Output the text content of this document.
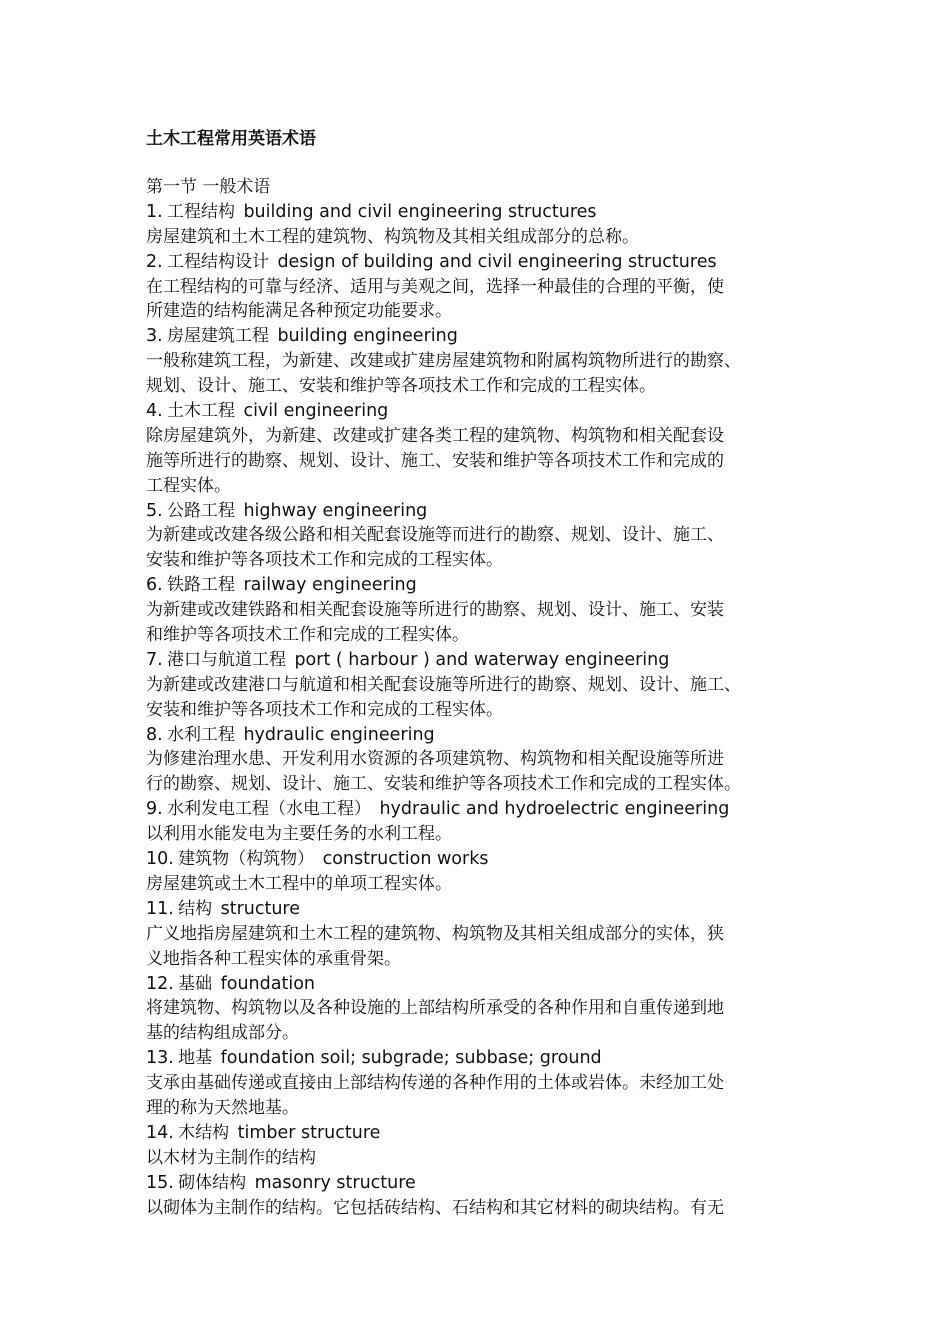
土木工程常用英语术语
第一节 一般术语
1. 工程结构 building and civil engineering structures
房屋建筑和土木工程的建筑物、构筑物及其相关组成部分的总称。
2. 工程结构设计 design of building and civil engineering structures
在工程结构的可靠与经济、适用与美观之间，选择一种最佳的合理的平衡，使
所建造的结构能满足各种预定功能要求。
3. 房屋建筑工程 building engineering
一般称建筑工程，为新建、改建或扩建房屋建筑物和附属构筑物所进行的勘察、
规划、设计、施工、安装和维护等各项技术工作和完成的工程实体。
4. 土木工程 civil engineering
除房屋建筑外，为新建、改建或扩建各类工程的建筑物、构筑物和相关配套设
施等所进行的勘察、规划、设计、施工、安装和维护等各项技术工作和完成的
工程实体。
5. 公路工程 highway engineering
为新建或改建各级公路和相关配套设施等而进行的勘察、规划、设计、施工、
安装和维护等各项技术工作和完成的工程实体。
6. 铁路工程 railway engineering
为新建或改建铁路和相关配套设施等所进行的勘察、规划、设计、施工、安装
和维护等各项技术工作和完成的工程实体。
7. 港口与航道工程 port ( harbour ) and waterway engineering
为新建或改建港口与航道和相关配套设施等所进行的勘察、规划、设计、施工、
安装和维护等各项技术工作和完成的工程实体。
8. 水利工程 hydraulic engineering
为修建治理水患、开发利用水资源的各项建筑物、构筑物和相关配设施等所进
行的勘察、规划、设计、施工、安装和维护等各项技术工作和完成的工程实体。
9. 水利发电工程（水电工程） hydraulic and hydroelectric engineering
以利用水能发电为主要任务的水利工程。
10. 建筑物（构筑物） construction works
房屋建筑或土木工程中的单项工程实体。
11. 结构 structure
广义地指房屋建筑和土木工程的建筑物、构筑物及其相关组成部分的实体，狭
义地指各种工程实体的承重骨架。
12. 基础 foundation
将建筑物、构筑物以及各种设施的上部结构所承受的各种作用和自重传递到地
基的结构组成部分。
13. 地基 foundation soil; subgrade; subbase; ground
支承由基础传递或直接由上部结构传递的各种作用的土体或岩体。未经加工处
理的称为天然地基。
14. 木结构 timber structure
以木材为主制作的结构
15. 砌体结构 masonry structure
以砌体为主制作的结构。它包括砖结构、石结构和其它材料的砌块结构。有无
